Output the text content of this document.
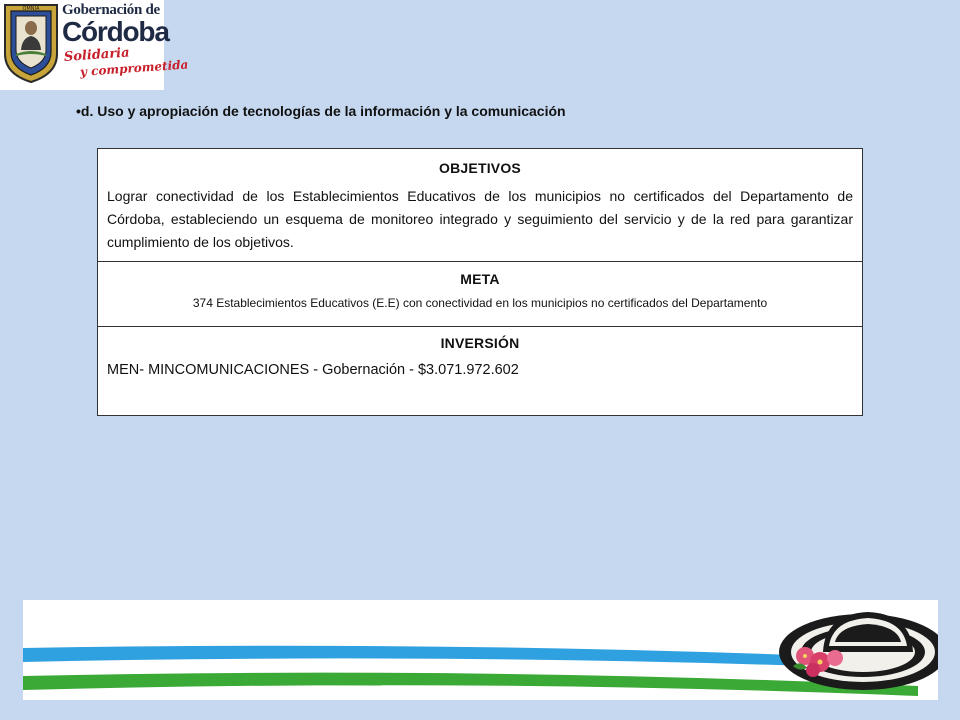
OMNIA Gobernación de
Córdoba
Solidaria
y comprometida
•d. Uso y apropiación de tecnologías de la información y la comunicación
OBJETIVOS
Lograr conectividad de los Establecimientos Educativos de los municipios no certificados del Departamento de Córdoba, estableciendo un esquema de monitoreo integrado y seguimiento del servicio y de la red para garantizar cumplimiento de los objetivos.
META
374 Establecimientos Educativos (E.E) con conectividad en los municipios no certificados del Departamento
INVERSIÓN
MEN- MINCOMUNICACIONES - Gobernación - $3.071.972.602
